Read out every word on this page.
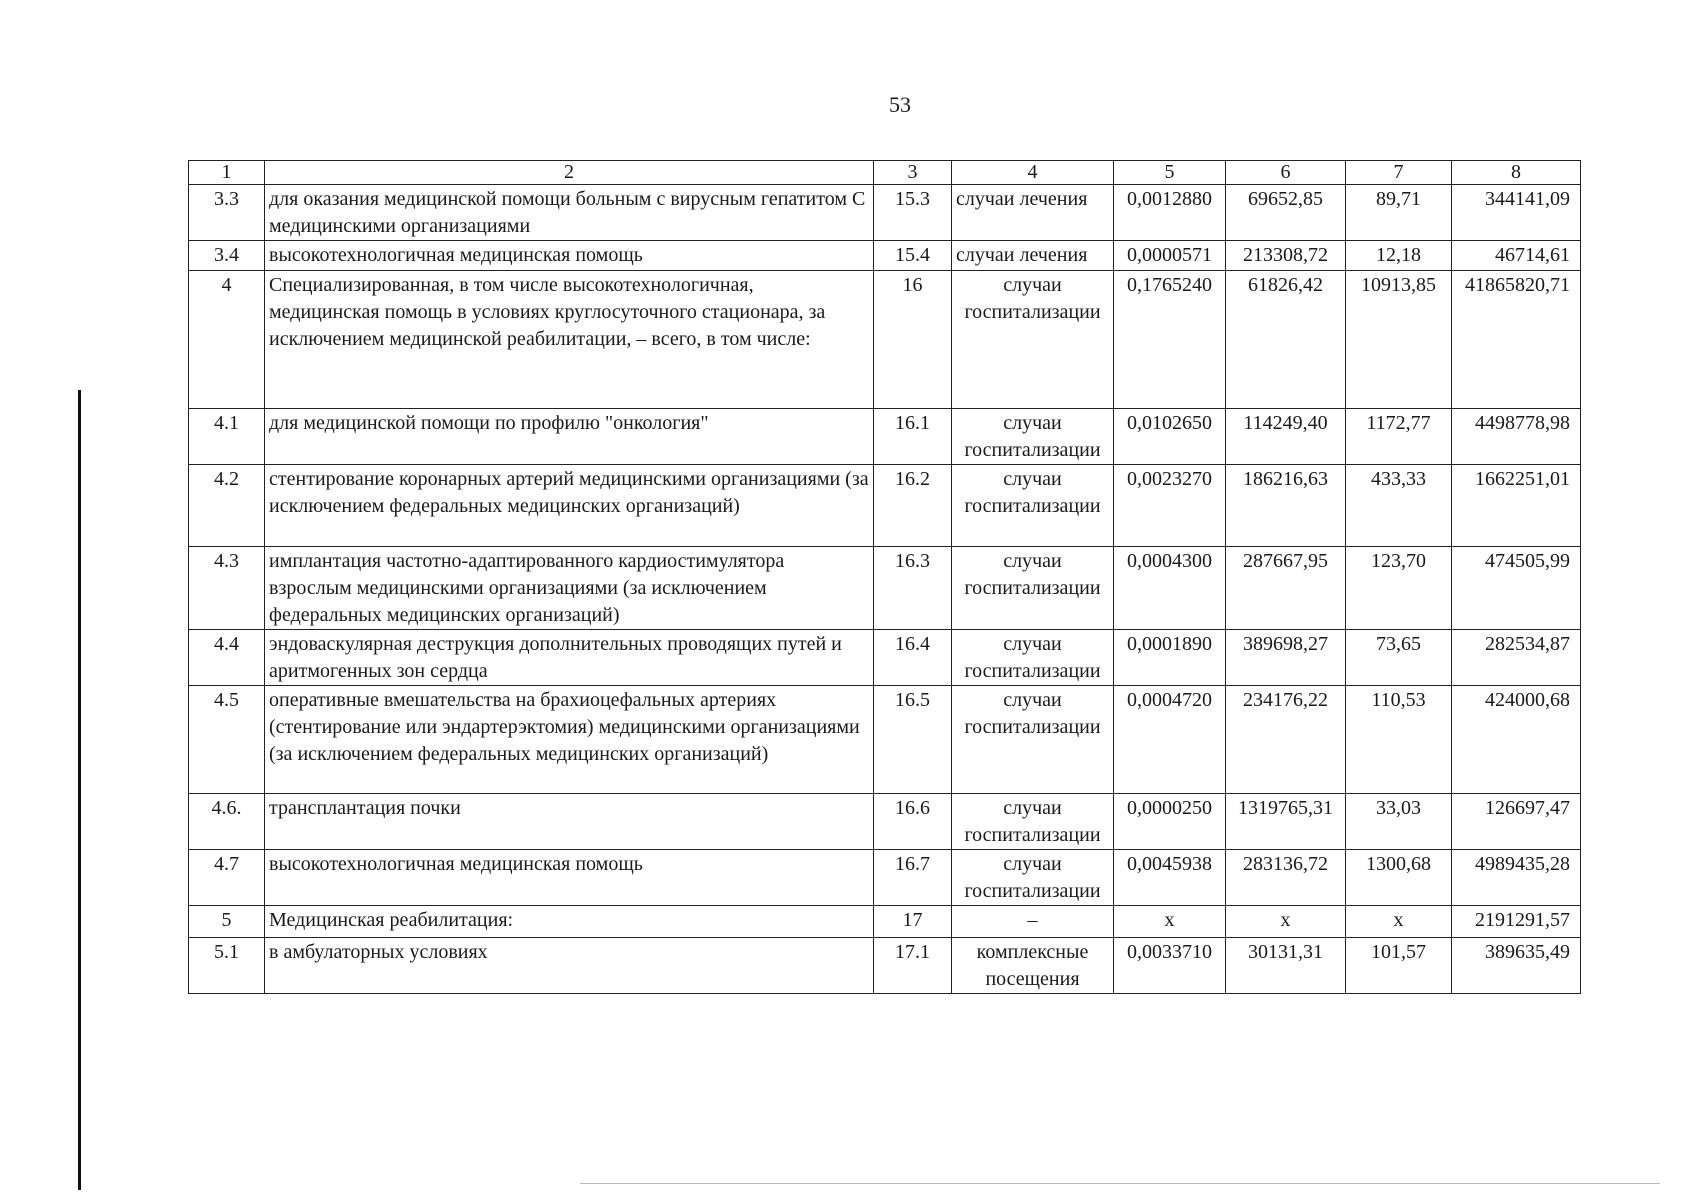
53
1	2	3	4	5	6	7	8
3.3	для оказания медицинской помощи больным с вирусным гепатитом С медицинскими организациями	15.3	случаи лечения	0,0012880	69652,85	89,71	344141,09
3.4	высокотехнологичная медицинская помощь	15.4	случаи лечения	0,0000571	213308,72	12,18	46714,61
4	Специализированная, в том числе высокотехнологичная, медицинская помощь в условиях круглосуточного стационара, за исключением медицинской реабилитации, – всего, в том числе:	16	случаи госпитализации	0,1765240	61826,42	10913,85	41865820,71
4.1	для медицинской помощи по профилю "онкология"	16.1	случаи госпитализации	0,0102650	114249,40	1172,77	4498778,98
4.2	стентирование коронарных артерий медицинскими организациями (за исключением федеральных медицинских организаций)	16.2	случаи госпитализации	0,0023270	186216,63	433,33	1662251,01
4.3	имплантация частотно-адаптированного кардиостимулятора взрослым медицинскими организациями (за исключением федеральных медицинских организаций)	16.3	случаи госпитализации	0,0004300	287667,95	123,70	474505,99
4.4	эндоваскулярная деструкция дополнительных проводящих путей и аритмогенных зон сердца	16.4	случаи госпитализации	0,0001890	389698,27	73,65	282534,87
4.5	оперативные вмешательства на брахиоцефальных артериях (стентирование или эндартерэктомия) медицинскими организациями (за исключением федеральных медицинских организаций)	16.5	случаи госпитализации	0,0004720	234176,22	110,53	424000,68
4.6.	трансплантация почки	16.6	случаи госпитализации	0,0000250	1319765,31	33,03	126697,47
4.7	высокотехнологичная медицинская помощь	16.7	случаи госпитализации	0,0045938	283136,72	1300,68	4989435,28
5	Медицинская реабилитация:	17	–	х	х	х	2191291,57
5.1	в амбулаторных условиях	17.1	комплексные посещения	0,0033710	30131,31	101,57	389635,49
